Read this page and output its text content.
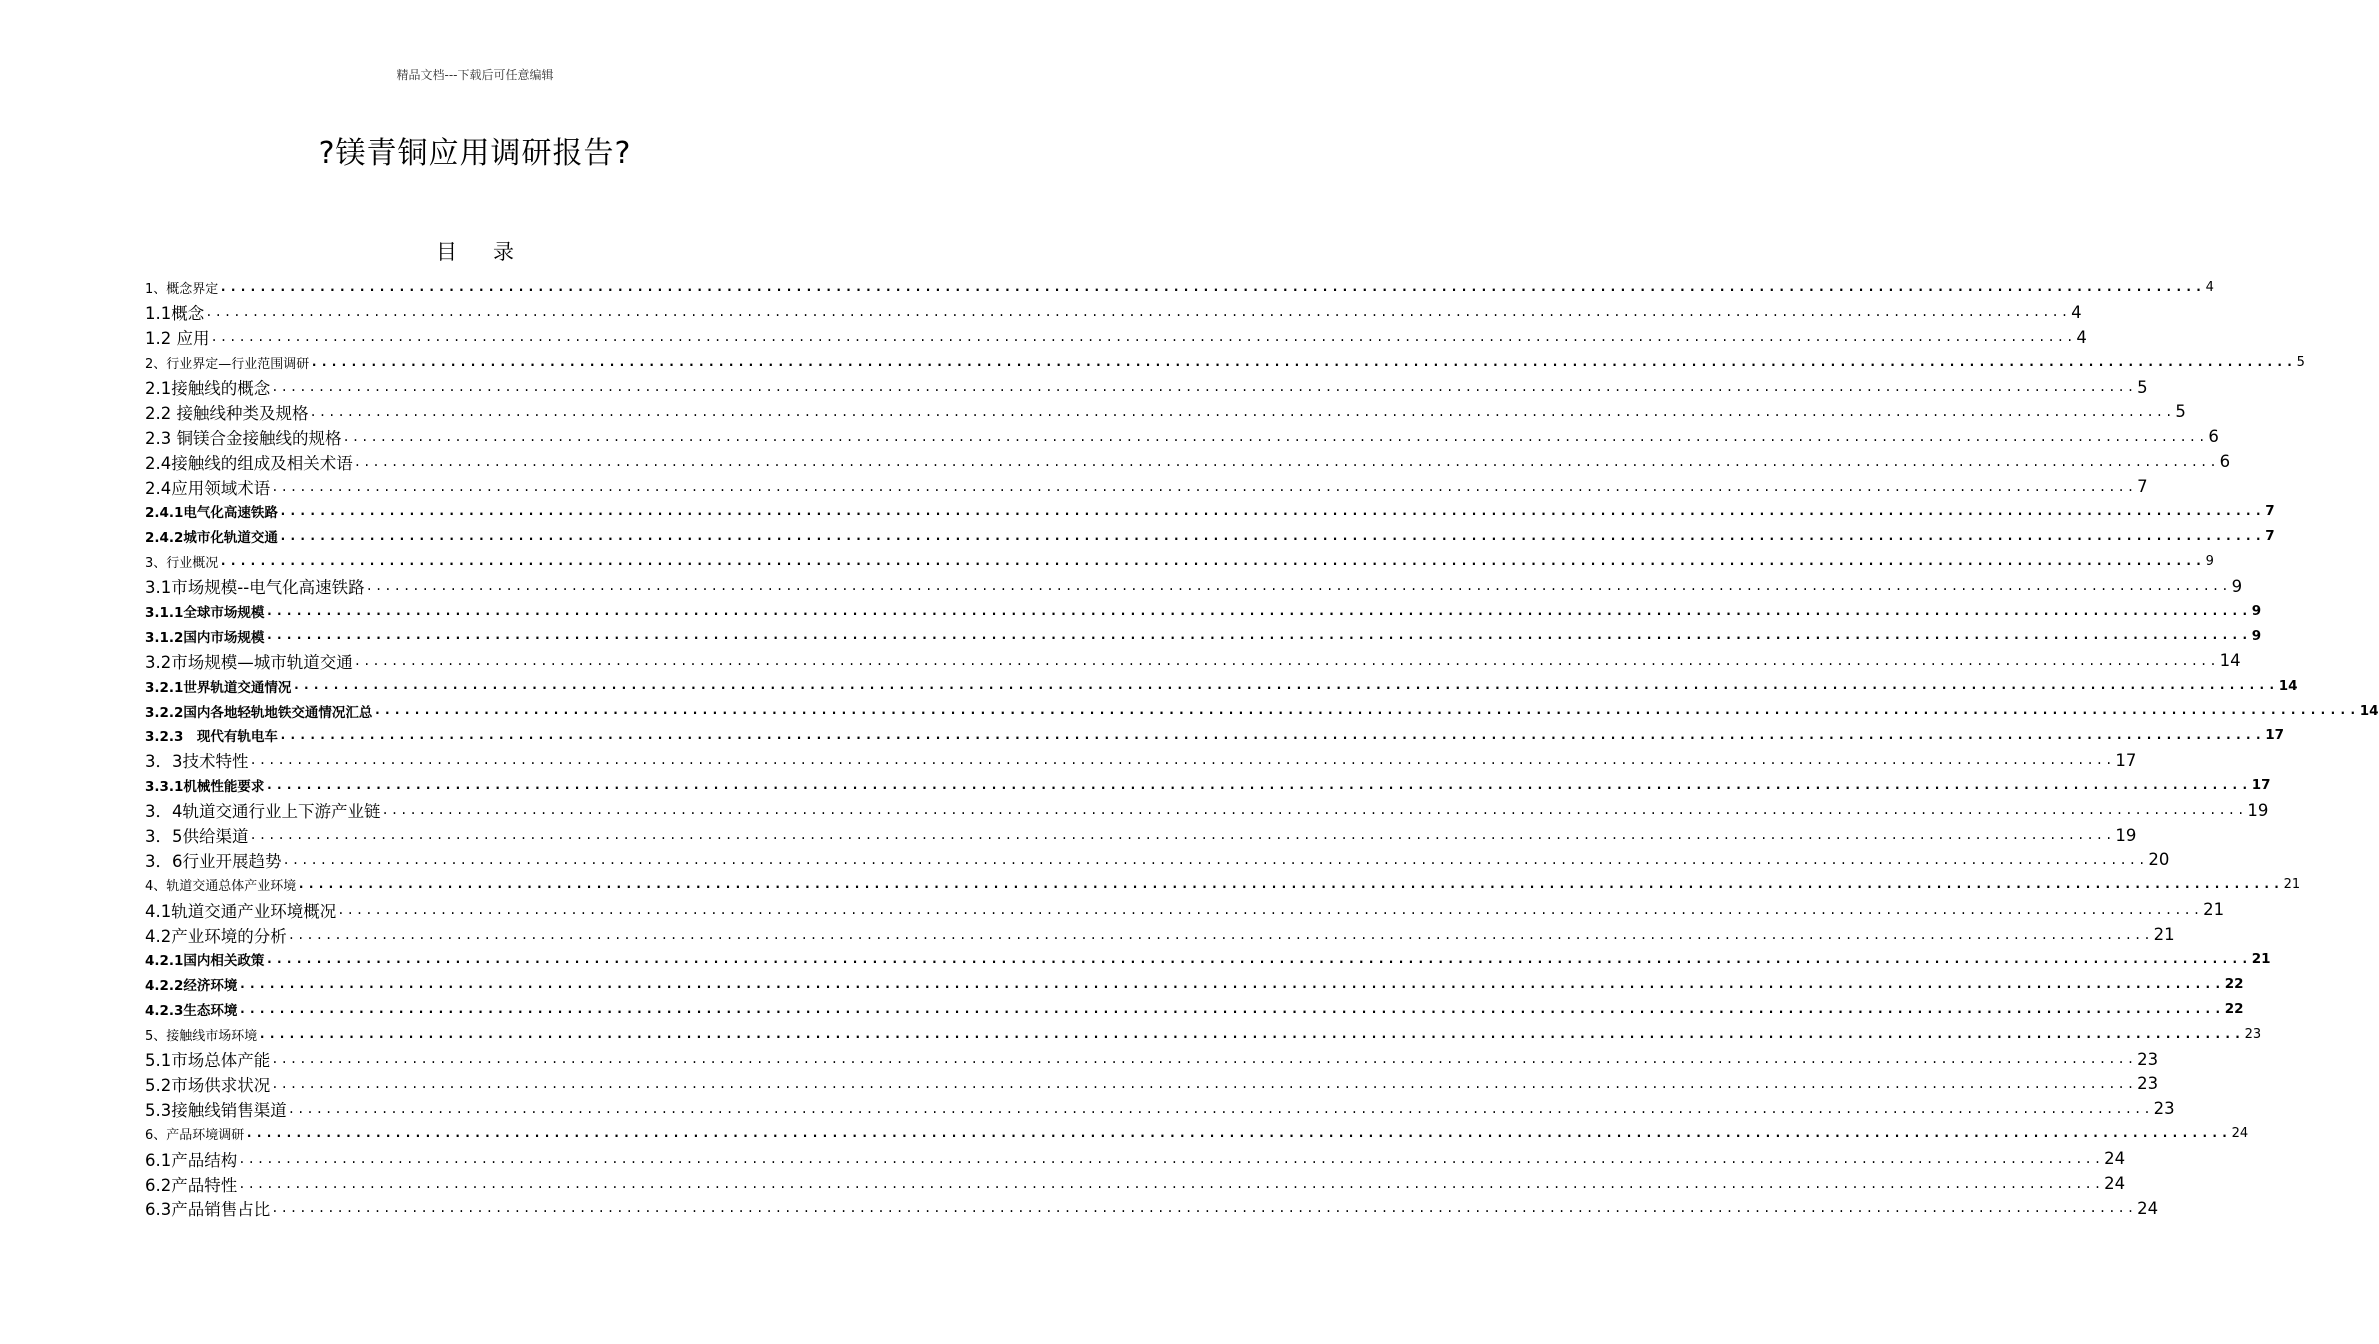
精品文档---下载后可任意编辑
?镁青铜应用调研报告?
目 录
1、概念界定 ........................................................................................................................................................................................................ 4
1.1概念 ........................................................................................................................................................................................................ 4
1.2 应用 ........................................................................................................................................................................................................ 4
2、行业界定—行业范围调研 ........................................................................................................................................................................................................ 5
2.1接触线的概念 ........................................................................................................................................................................................................ 5
2.2 接触线种类及规格 ........................................................................................................................................................................................................ 5
2.3 铜镁合金接触线的规格 ........................................................................................................................................................................................................ 6
2.4接触线的组成及相关术语 ........................................................................................................................................................................................................ 6
2.4应用领域术语 ........................................................................................................................................................................................................ 7
2.4.1电气化高速铁路 ........................................................................................................................................................................................................ 7
2.4.2城市化轨道交通 ........................................................................................................................................................................................................ 7
3、行业概况 ........................................................................................................................................................................................................ 9
3.1市场规模--电气化高速铁路 ........................................................................................................................................................................................................ 9
3.1.1全球市场规模 ........................................................................................................................................................................................................ 9
3.1.2国内市场规模 ........................................................................................................................................................................................................ 9
3.2市场规模—城市轨道交通 ........................................................................................................................................................................................................ 14
3.2.1世界轨道交通情况 ........................................................................................................................................................................................................ 14
3.2.2国内各地轻轨地铁交通情况汇总 ........................................................................................................................................................................................................ 14
3.2.3　现代有轨电车 ........................................................................................................................................................................................................ 17
3．3技术特性 ........................................................................................................................................................................................................ 17
3.3.1机械性能要求 ........................................................................................................................................................................................................ 17
3．4轨道交通行业上下游产业链 ........................................................................................................................................................................................................ 19
3．5供给渠道 ........................................................................................................................................................................................................ 19
3．6行业开展趋势 ........................................................................................................................................................................................................ 20
4、轨道交通总体产业环境 ........................................................................................................................................................................................................ 21
4.1轨道交通产业环境概况 ........................................................................................................................................................................................................ 21
4.2产业环境的分析 ........................................................................................................................................................................................................ 21
4.2.1国内相关政策 ........................................................................................................................................................................................................ 21
4.2.2经济环境 ........................................................................................................................................................................................................ 22
4.2.3生态环境 ........................................................................................................................................................................................................ 22
5、接触线市场环境 ........................................................................................................................................................................................................ 23
5.1市场总体产能 ........................................................................................................................................................................................................ 23
5.2市场供求状况 ........................................................................................................................................................................................................ 23
5.3接触线销售渠道 ........................................................................................................................................................................................................ 23
6、产品环境调研 ........................................................................................................................................................................................................ 24
6.1产品结构 ........................................................................................................................................................................................................ 24
6.2产品特性 ........................................................................................................................................................................................................ 24
6.3产品销售占比 ........................................................................................................................................................................................................ 24
